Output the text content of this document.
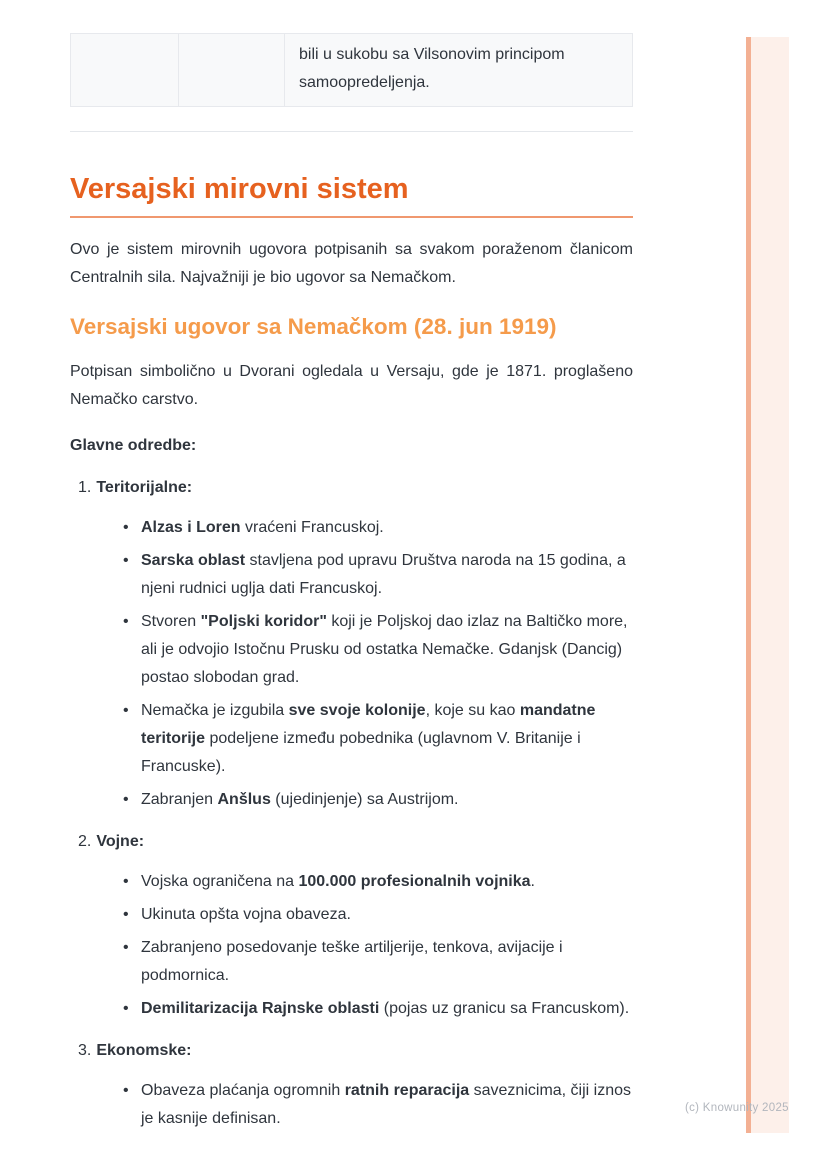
bili u sukobu sa Vilsonovim principom samoopredeljenja.
Versajski mirovni sistem

Ovo je sistem mirovnih ugovora potpisanih sa svakom poraženom članicom Centralnih sila. Najvažniji je bio ugovor sa Nemačkom.

Versajski ugovor sa Nemačkom (28. jun 1919)

Potpisan simbolično u Dvorani ogledala u Versaju, gde je 1871. proglašeno Nemačko carstvo.

Glavne odredbe:

1. Teritorijalne:
• Alzas i Loren vraćeni Francuskoj.
• Sarska oblast stavljena pod upravu Društva naroda na 15 godina, a njeni rudnici uglja dati Francuskoj.
• Stvoren "Poljski koridor" koji je Poljskoj dao izlaz na Baltičko more, ali je odvojio Istočnu Prusku od ostatka Nemačke. Gdanjsk (Dancig) postao slobodan grad.
• Nemačka je izgubila sve svoje kolonije, koje su kao mandatne teritorije podeljene između pobednika (uglavnom V. Britanije i Francuske).
• Zabranjen Anšlus (ujedinjenje) sa Austrijom.
2. Vojne:
• Vojska ograničena na 100.000 profesionalnih vojnika.
• Ukinuta opšta vojna obaveza.
• Zabranjeno posedovanje teške artiljerije, tenkova, avijacije i podmornica.
• Demilitarizacija Rajnske oblasti (pojas uz granicu sa Francuskom).
3. Ekonomske:
• Obaveza plaćanja ogromnih ratnih reparacija saveznicima, čiji iznos je kasnije definisan.
(c) Knowunity 2025
